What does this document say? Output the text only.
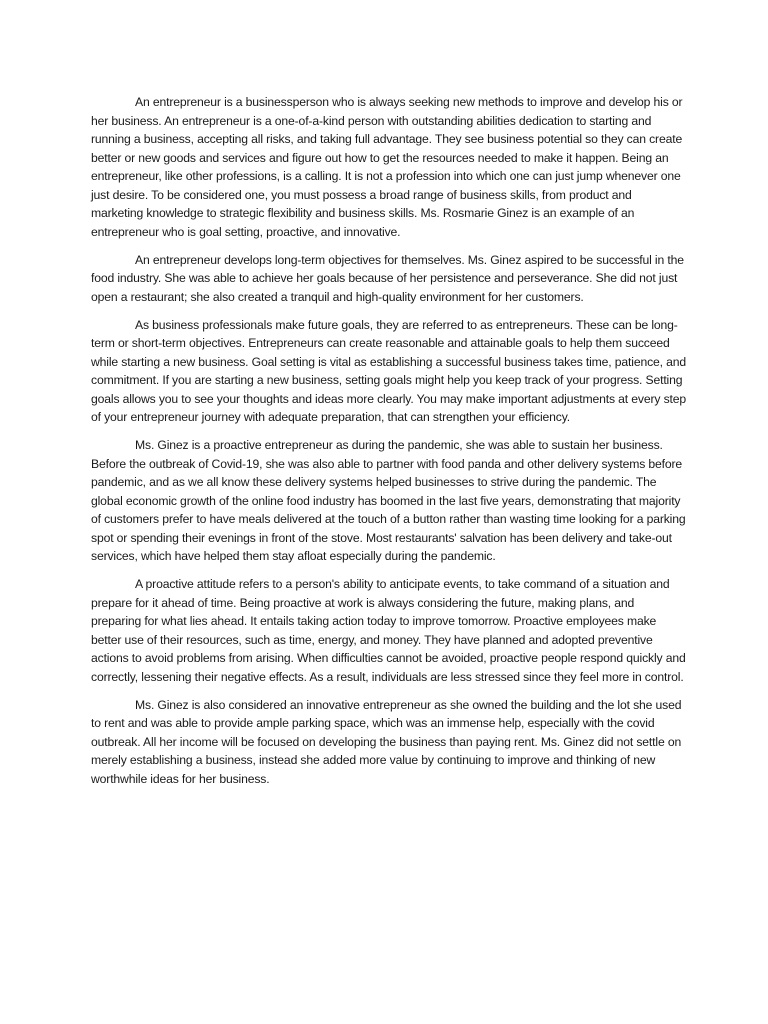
An entrepreneur is a businessperson who is always seeking new methods to improve and develop his or her business. An entrepreneur is a one-of-a-kind person with outstanding abilities dedication to starting and running a business, accepting all risks, and taking full advantage. They see business potential so they can create better or new goods and services and figure out how to get the resources needed to make it happen. Being an entrepreneur, like other professions, is a calling. It is not a profession into which one can just jump whenever one just desire. To be considered one, you must possess a broad range of business skills, from product and marketing knowledge to strategic flexibility and business skills. Ms. Rosmarie Ginez is an example of an entrepreneur who is goal setting, proactive, and innovative.

An entrepreneur develops long-term objectives for themselves. Ms. Ginez aspired to be successful in the food industry. She was able to achieve her goals because of her persistence and perseverance. She did not just open a restaurant; she also created a tranquil and high-quality environment for her customers.

As business professionals make future goals, they are referred to as entrepreneurs. These can be long-term or short-term objectives. Entrepreneurs can create reasonable and attainable goals to help them succeed while starting a new business. Goal setting is vital as establishing a successful business takes time, patience, and commitment. If you are starting a new business, setting goals might help you keep track of your progress. Setting goals allows you to see your thoughts and ideas more clearly. You may make important adjustments at every step of your entrepreneur journey with adequate preparation, that can strengthen your efficiency.

Ms. Ginez is a proactive entrepreneur as during the pandemic, she was able to sustain her business. Before the outbreak of Covid-19, she was also able to partner with food panda and other delivery systems before pandemic, and as we all know these delivery systems helped businesses to strive during the pandemic. The global economic growth of the online food industry has boomed in the last five years, demonstrating that majority of customers prefer to have meals delivered at the touch of a button rather than wasting time looking for a parking spot or spending their evenings in front of the stove. Most restaurants' salvation has been delivery and take-out services, which have helped them stay afloat especially during the pandemic.

A proactive attitude refers to a person's ability to anticipate events, to take command of a situation and prepare for it ahead of time. Being proactive at work is always considering the future, making plans, and preparing for what lies ahead. It entails taking action today to improve tomorrow. Proactive employees make better use of their resources, such as time, energy, and money. They have planned and adopted preventive actions to avoid problems from arising. When difficulties cannot be avoided, proactive people respond quickly and correctly, lessening their negative effects. As a result, individuals are less stressed since they feel more in control.

Ms. Ginez is also considered an innovative entrepreneur as she owned the building and the lot she used to rent and was able to provide ample parking space, which was an immense help, especially with the covid outbreak. All her income will be focused on developing the business than paying rent. Ms. Ginez did not settle on merely establishing a business, instead she added more value by continuing to improve and thinking of new worthwhile ideas for her business.
